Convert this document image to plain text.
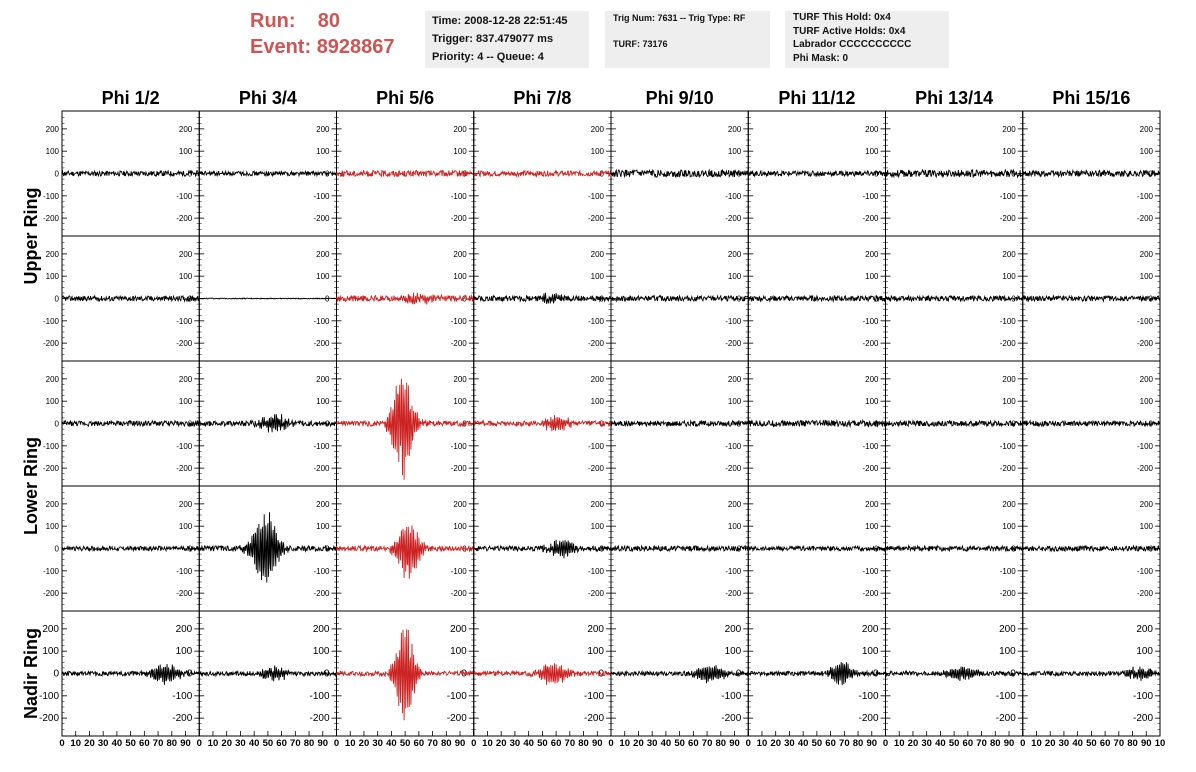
Run: 80
Event: 8928867
Time: 2008-12-28 22:51:45
Trigger: 837.479077 ms
Priority: 4 -- Queue: 4
Trig Num: 7631 -- Trig Type: RF
TURF: 73176
TURF This Hold: 0x4
TURF Active Holds: 0x4
Labrador CCCCCCCCCC
Phi Mask: 0
Phi 1/2	Phi 3/4	Phi 5/6	Phi 7/8	Phi 9/10	Phi 11/12	Phi 13/14	Phi 15/16
Upper Ring
Lower Ring
Nadir Ring
-200
-200
-100
-100
0
0
100
100
200
200
-200
-100
0
100
200
-200
-100
0
100
200
-200
-100
0
100
200
-200
-100
0
100
200
-200
-100
0
100
200
-200
-100
0
100
200
-200
-100
0
100
200
-200
-200
-100
-100
0
0
100
100
200
200
-200
-100
0
100
200
-200
-100
0
100
200
-200
-100
0
100
200
-200
-100
0
100
200
-200
-100
0
100
200
-200
-100
0
100
200
-200
-100
0
100
200
-200
-200
-100
-100
0
0
100
100
200
200
-200
-100
0
100
200
-200
-100
0
100
200
-200
-100
0
100
200
-200
-100
0
100
200
-200
-100
0
100
200
-200
-100
0
100
200
-200
-100
0
100
200
-200
-200
-100
-100
0
0
100
100
200
200
-200
-100
0
100
200
-200
-100
0
100
200
-200
-100
0
100
200
-200
-100
0
100
200
-200
-100
0
100
200
-200
-100
0
100
200
-200
-100
0
100
200
-200
-200
-100
-100
0
0
100
100
200
200
0 10 20 30 40 50 60 70 80 90
-200
-100
0
100
200
0 10 20 30 40 50 60 70 80 90
-200
-100
0
100
200
0 10 20 30 40 50 60 70 80 90
-200
-100
0
100
200
0 10 20 30 40 50 60 70 80 90
-200
-100
0
100
200
0 10 20 30 40 50 60 70 80 90
-200
-100
0
100
200
0 10 20 30 40 50 60 70 80 90
-200
-100
0
100
200
0 10 20 30 40 50 60 70 80 90
-200
-100
0
100
200
0 10 20 30 40 50 60 70 80 90 10
